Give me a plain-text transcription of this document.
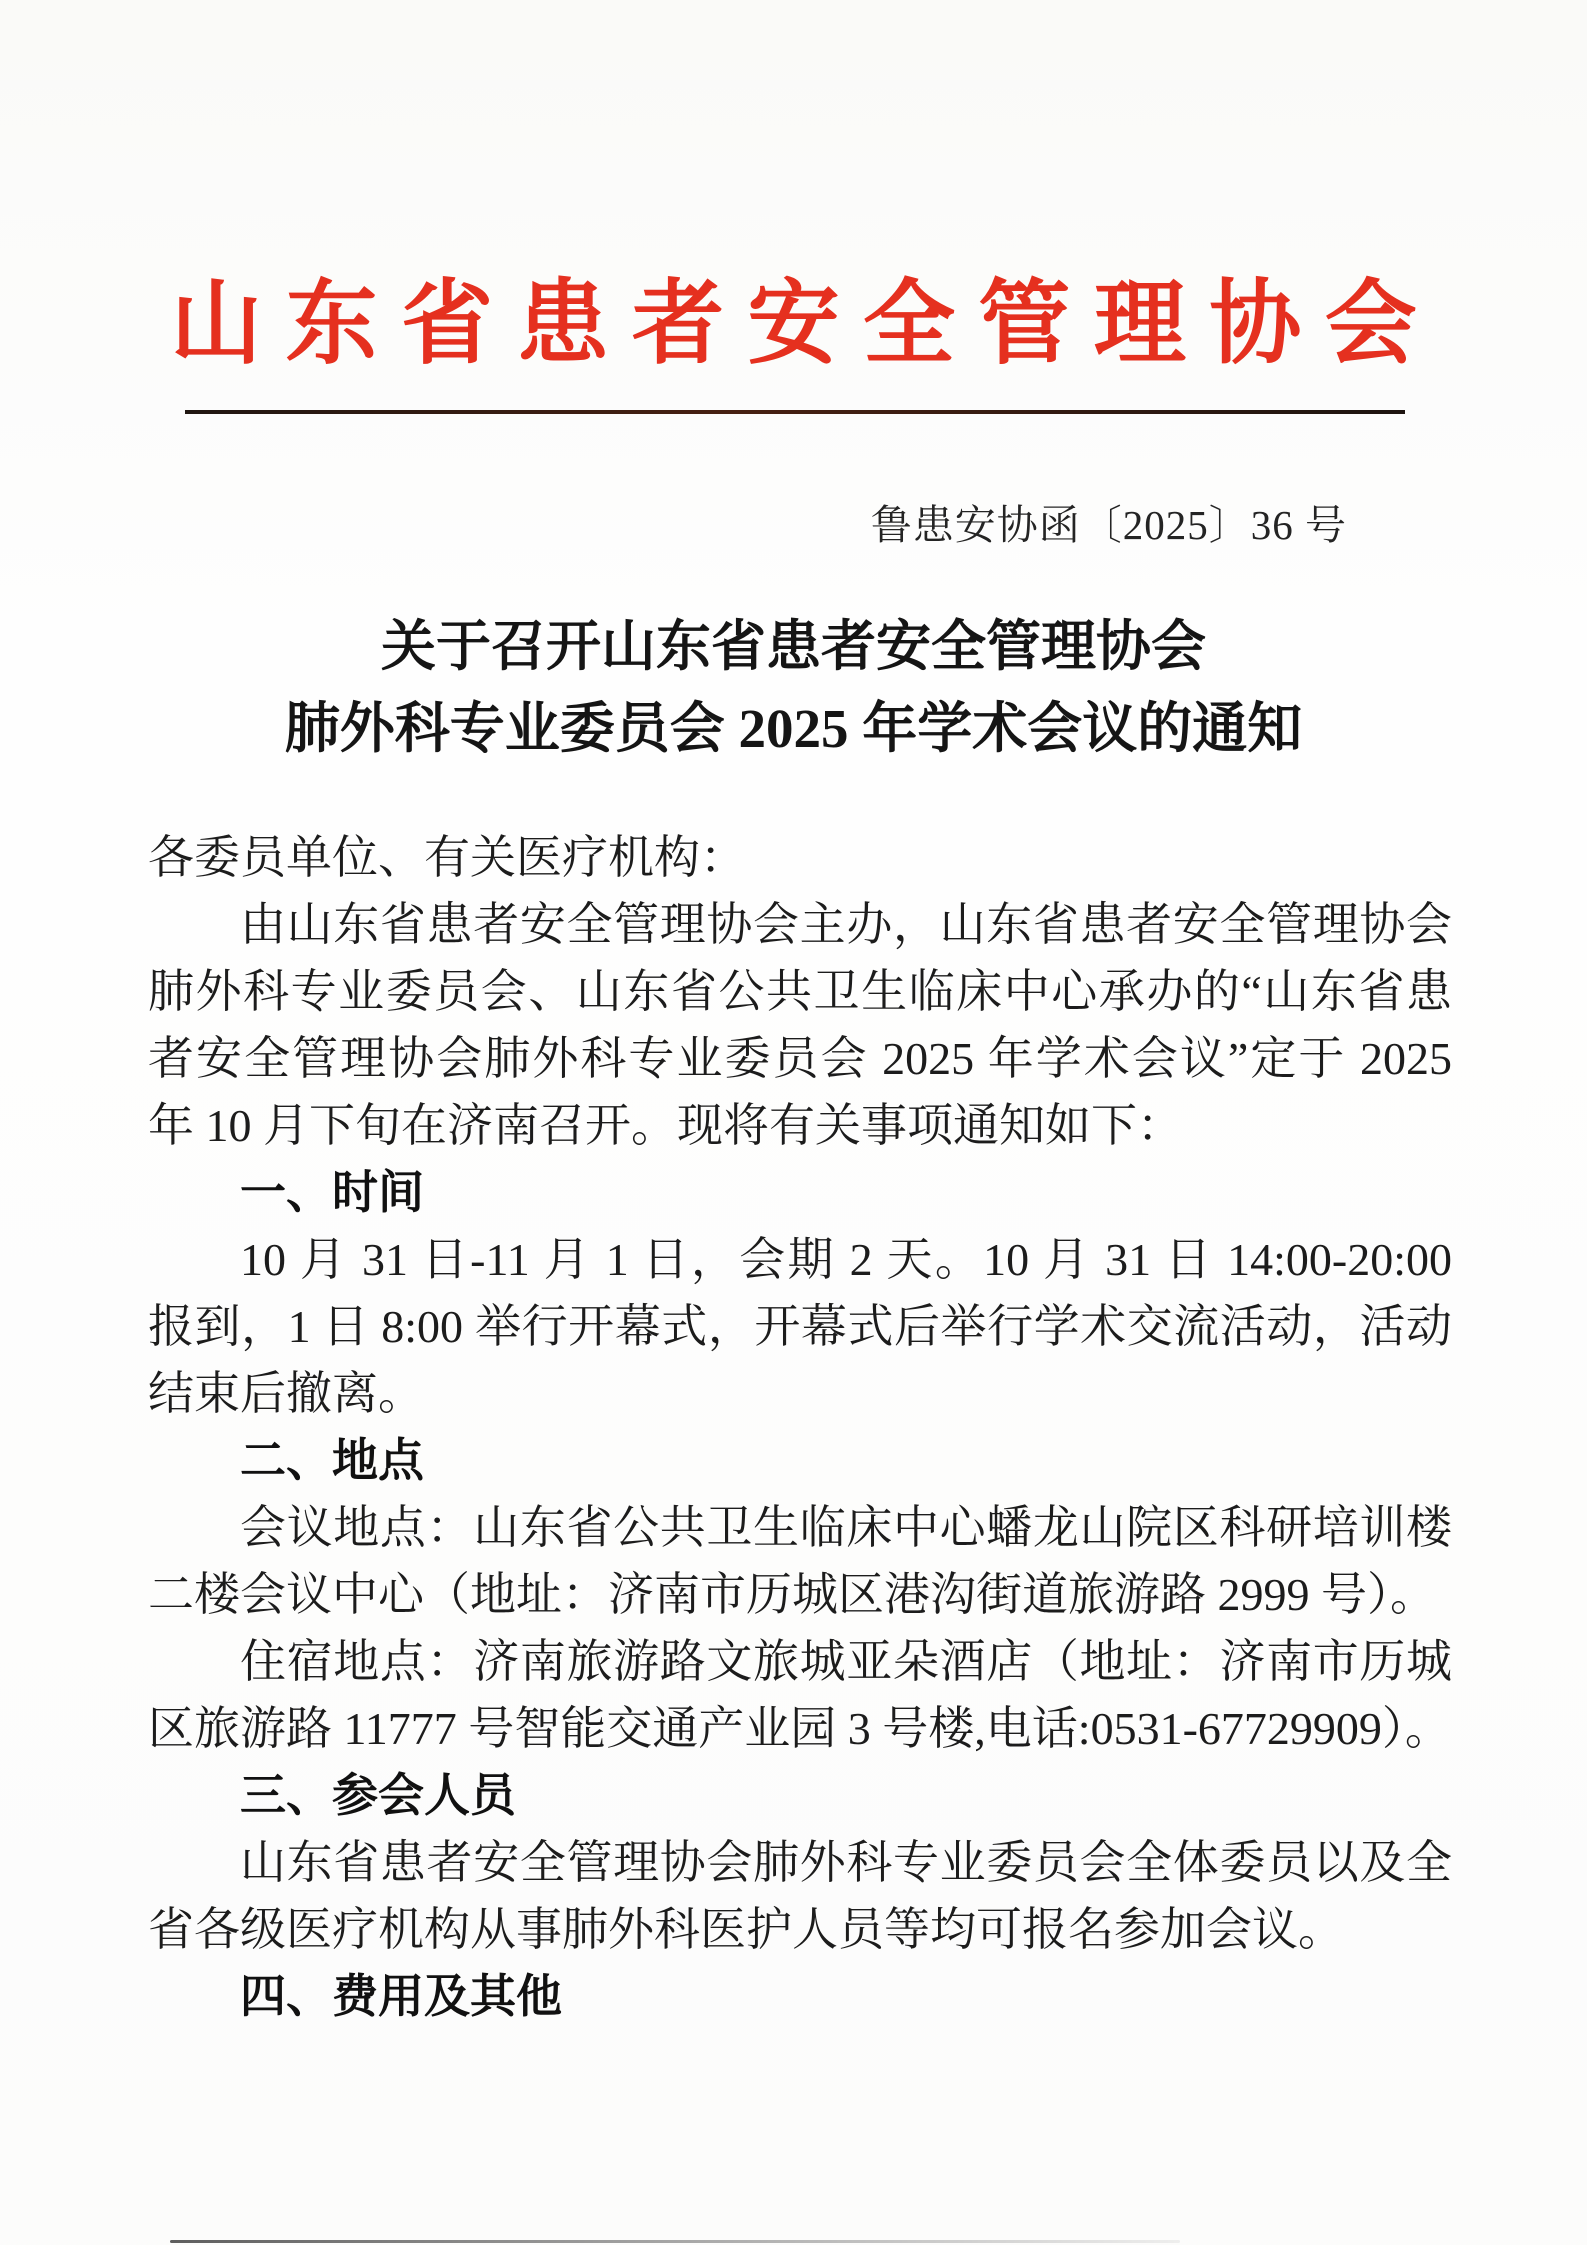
山东省患者安全管理协会
鲁患安协函〔2025〕36 号
关于召开山东省患者安全管理协会
肺外科专业委员会 2025 年学术会议的通知

各委员单位、有关医疗机构：

由山东省患者安全管理协会主办，山东省患者安全管理协会肺外科专业委员会、山东省公共卫生临床中心承办的“山东省患者安全管理协会肺外科专业委员会 2025 年学术会议”定于 2025 年 10 月下旬在济南召开。现将有关事项通知如下：

一、时间

10 月 31 日-11 月 1 日，会期 2 天。10 月 31 日 14:00-20:00 报到，1 日 8:00 举行开幕式，开幕式后举行学术交流活动，活动结束后撤离。

二、地点

会议地点：山东省公共卫生临床中心蟠龙山院区科研培训楼二楼会议中心（地址：济南市历城区港沟街道旅游路 2999 号）。

住宿地点：济南旅游路文旅城亚朵酒店（地址：济南市历城区旅游路 11777 号智能交通产业园 3 号楼,电话:0531-67729909）。

三、参会人员

山东省患者安全管理协会肺外科专业委员会全体委员以及全省各级医疗机构从事肺外科医护人员等均可报名参加会议。

四、费用及其他
